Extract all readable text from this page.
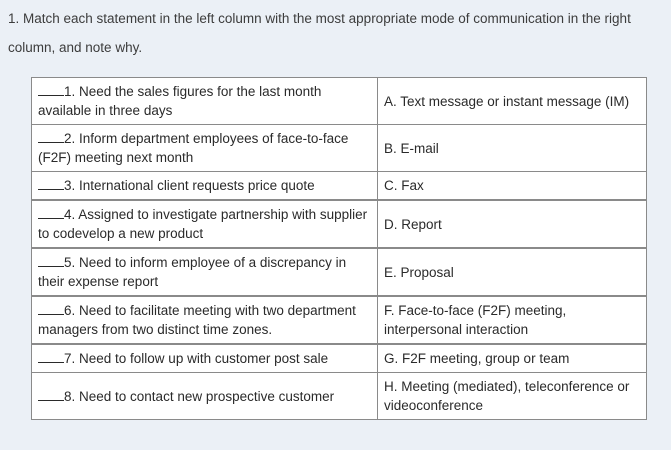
1. Match each statement in the left column with the most appropriate mode of communication in the right column, and note why.
1. Need the sales figures for the last month available in three days	A. Text message or instant message (IM)
2. Inform department employees of face-to-face (F2F) meeting next month	B. E-mail
3. International client requests price quote	C. Fax
4. Assigned to investigate partnership with supplier to codevelop a new product	D. Report
5. Need to inform employee of a discrepancy in their expense report	E. Proposal
6. Need to facilitate meeting with two department managers from two distinct time zones.	F. Face-to-face (F2F) meeting, interpersonal interaction
7. Need to follow up with customer post sale	G. F2F meeting, group or team
8. Need to contact new prospective customer	H. Meeting (mediated), teleconference or videoconference
